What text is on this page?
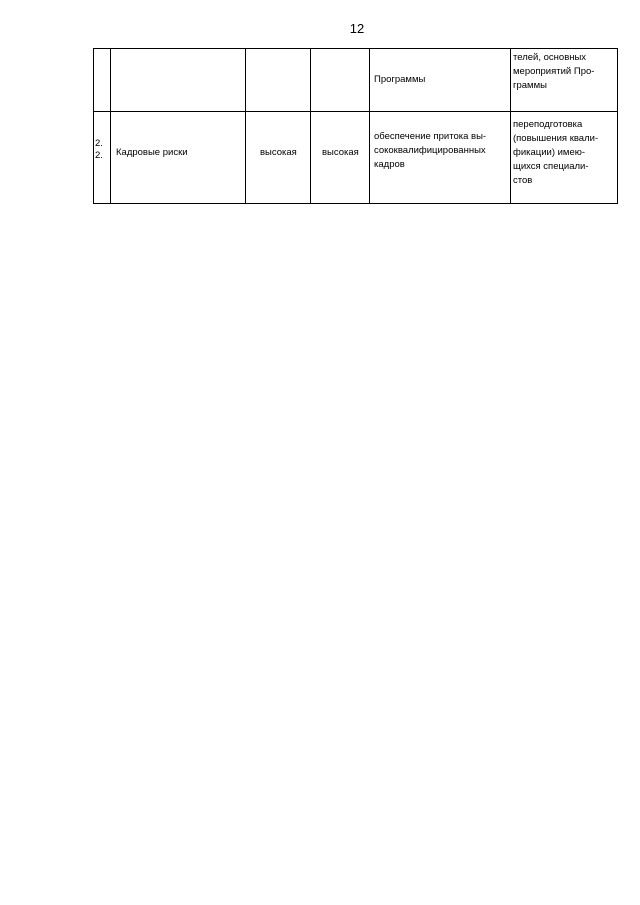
12

				Программы	телей, основных
мероприятий Про-
граммы

2.
2.	Кадровые риски	высокая	высокая	обеспечение притока вы-
сококвалифицированных
кадров	переподготовка
(повышения квали-
фикации) имею-
щихся специали-
стов
